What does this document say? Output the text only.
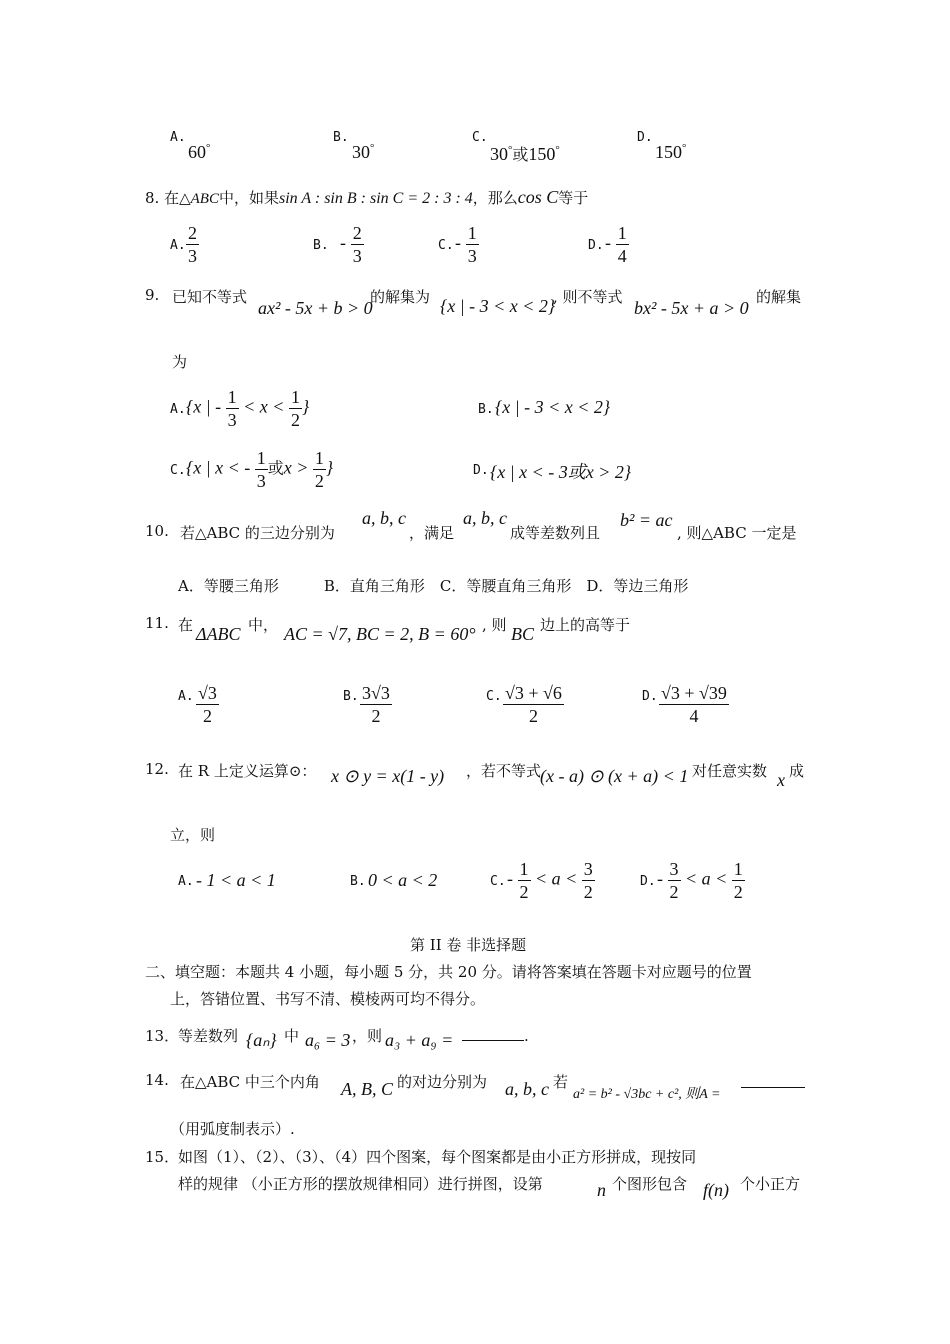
A.
60°
B.
30°
C.
30°或150°
D.
150°
8. 在△ABC中，如果sin A : sin B : sin C = 2 : 3 : 4，那么cos C等于
A. $\frac{2}{3}$	B. - $\frac{2}{3}$	C. - $\frac{1}{3}$	D. - $\frac{1}{4}$
9. 已知不等式
ax² - 5x + b > 0
的解集为 {x | - 3 < x < 2}
, 则不等式
bx² - 5x + a > 0
的解集
为
A. {x | - $\frac{1}{3} < x < \frac{1}{2}$ }	B. {x | - 3 < x < 2}
C. {x | x < - $\frac{1}{3}$ 或$x > \frac{1}{2}$ }	D. {x | x < - 3或x > 2}
10. 若△ABC 的三边分别为
a, b, c
，满足
a, b, c
成等差数列且
b² = ac
, 则△ABC 一定是
A．等腰三角形　　　B．直角三角形　C．等腰直角三角形　D．等边三角形
11. 在 ΔABC 中， AC = √7, BC = 2, B = 60° , 则 BC 边上的高等于
A. $\frac{√3}{2}$	B. $\frac{3√3}{2}$	C. $\frac{√3 + √6}{2}$	D. $\frac{√3 + √39}{4}$
12. 在 R 上定义运算⊙： x ⊙ y = x(1 - y) ，若不等式
(x - a) ⊙ (x + a) < 1 对任意实数 x 成
立，则
A. - 1 < a < 1	B. 0 < a < 2	C. - $\frac{1}{2} < a < \frac{3}{2}$	D. - $\frac{3}{2} < a < \frac{1}{2}$
第 II 卷 非选择题
二、填空题：本题共 4 小题，每小题 5 分，共 20 分。请将答案填在答题卡对应题号的位置
上，答错位置、书写不清、模棱两可均不得分。
13．
等差数列 {aₙ} 中 a₆ = 3 ，则 a₃ + a₉ =	.
14. 在△ABC 中三个内角 A, B, C 的对边分别为 a, b, c 若
a² = b² - √3bc + c², 则A =
（用弧度制表示）.
15．
如图（1）、（2）、（3）、（4）四个图案，每个图案都是由小正方形拼成，现按同
样的规律 （小正方形的摆放规律相同）进行拼图，设第	n 个图形包含 f(n) 个小正方
